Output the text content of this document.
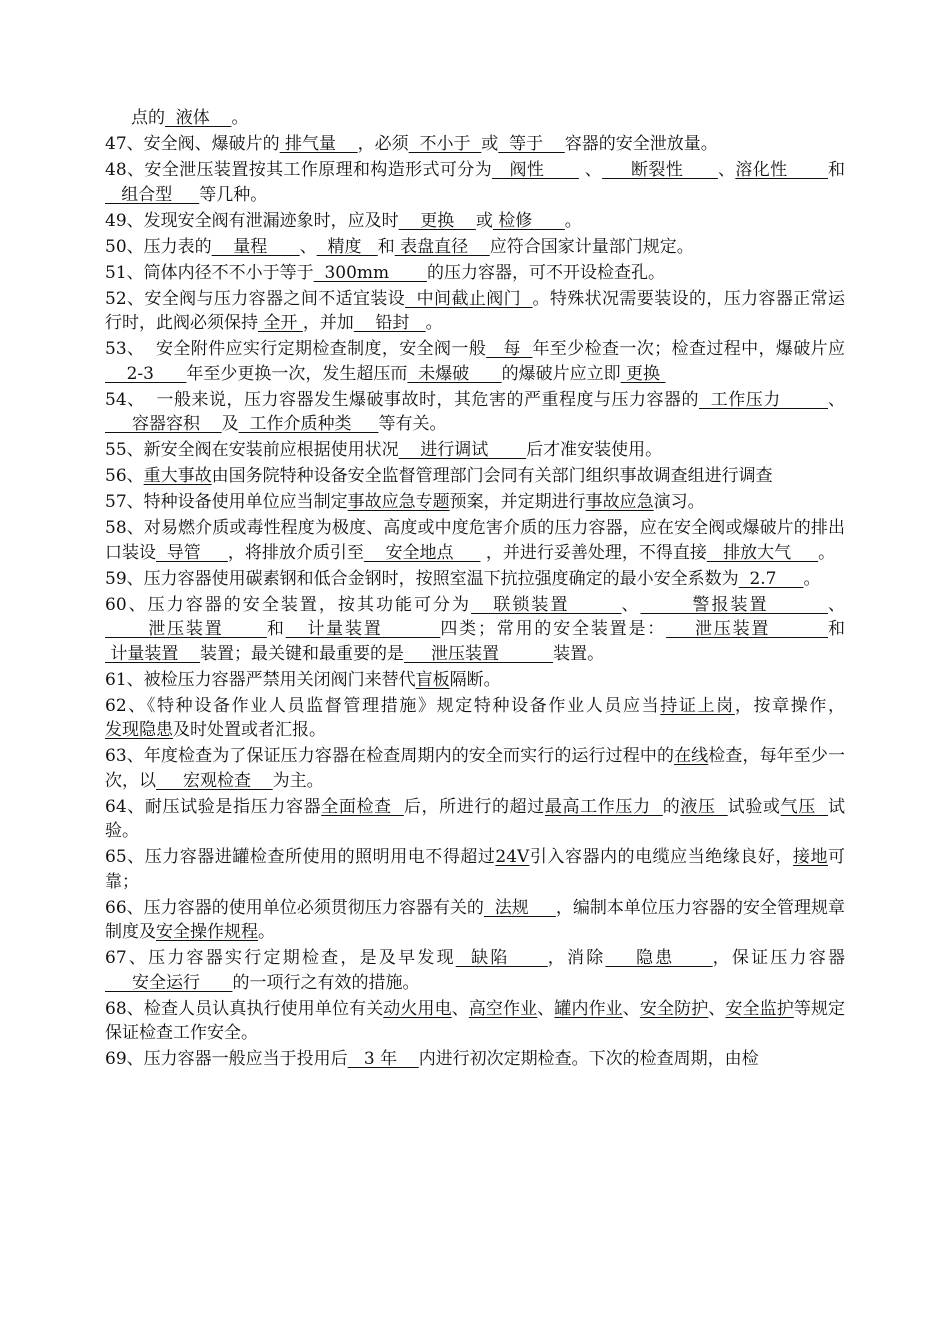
点的  液体    。

47、安全阀、爆破片的 排气量    ，必须  不小于  或  等于    容器的安全泄放量。

48、安全泄压装置按其工作原理和构造形式可分为   阀性       、     断裂性      、溶化性       和   组合型     等几种。

49、发现安全阀有泄漏迹象时，应及时    更换    或 检修      。

50、压力表的    量程      、  精度   和 表盘直径    应符合国家计量部门规定。

51、筒体内径不不小于等于  300mm       的压力容器，可不开设检查孔。

52、安全阀与压力容器之间不适宜装设  中间截止阀门  。特殊状况需要装设的，压力容器正常运行时，此阀必须保持 全开 ，并加    铅封   。

53、  安全附件应实行定期检查制度，安全阀一般   每  年至少检查一次；检查过程中，爆破片应    2-3      年至少更换一次，发生超压而  未爆破      的爆破片应立即 更换

54、  一般来说，压力容器发生爆破事故时，其危害的严重程度与压力容器的  工作压力        、     容器容积    及  工作介质种类     等有关。

55、新安全阀在安装前应根据使用状况    进行调试       后才准安装使用。

56、重大事故由国务院特种设备安全监督管理部门会同有关部门组织事故调查组进行调查

57、特种设备使用单位应当制定事故应急专题预案，并定期进行事故应急演习。

58、对易燃介质或毒性程度为极度、高度或中度危害介质的压力容器，应在安全阀或爆破片的排出口装设  导管     ，将排放介质引至    安全地点      ，并进行妥善处理，不得直接   排放大气     。

59、压力容器使用碳素钢和低合金钢时，按照室温下抗拉强度确定的最小安全系数为  2.7     。

60、压力容器的安全装置，按其功能可分为   联锁装置       、       警报装置        、      泄压装置      和   计量装置        四类；常用的安全装置是：    泄压装置        和 计量装置    装置；最关键和最重要的是     泄压装置          装置。

61、被检压力容器严禁用关闭阀门来替代盲板隔断。

62、《特种设备作业人员监督管理措施》规定特种设备作业人员应当持证上岗，按章操作，发现隐患及时处置或者汇报。

63、年度检查为了保证压力容器在检查周期内的安全而实行的运行过程中的在线检查，每年至少一次，以     宏观检查    为主。

64、耐压试验是指压力容器全面检查  后，所进行的超过最高工作压力  的液压  试验或气压  试验。

65、压力容器进罐检查所使用的照明用电不得超过24V引入容器内的电缆应当绝缘良好，接地可靠；

66、压力容器的使用单位必须贯彻压力容器有关的  法规     ，编制本单位压力容器的安全管理规章制度及安全操作规程。

67、压力容器实行定期检查，是及早发现  缺陷     ，消除    隐患     ，保证压力容器     安全运行      的一项行之有效的措施。

68、检查人员认真执行使用单位有关动火用电、高空作业、罐内作业、安全防护、安全监护等规定保证检查工作安全。

69、压力容器一般应当于投用后   3 年    内进行初次定期检查。下次的检查周期，由检
